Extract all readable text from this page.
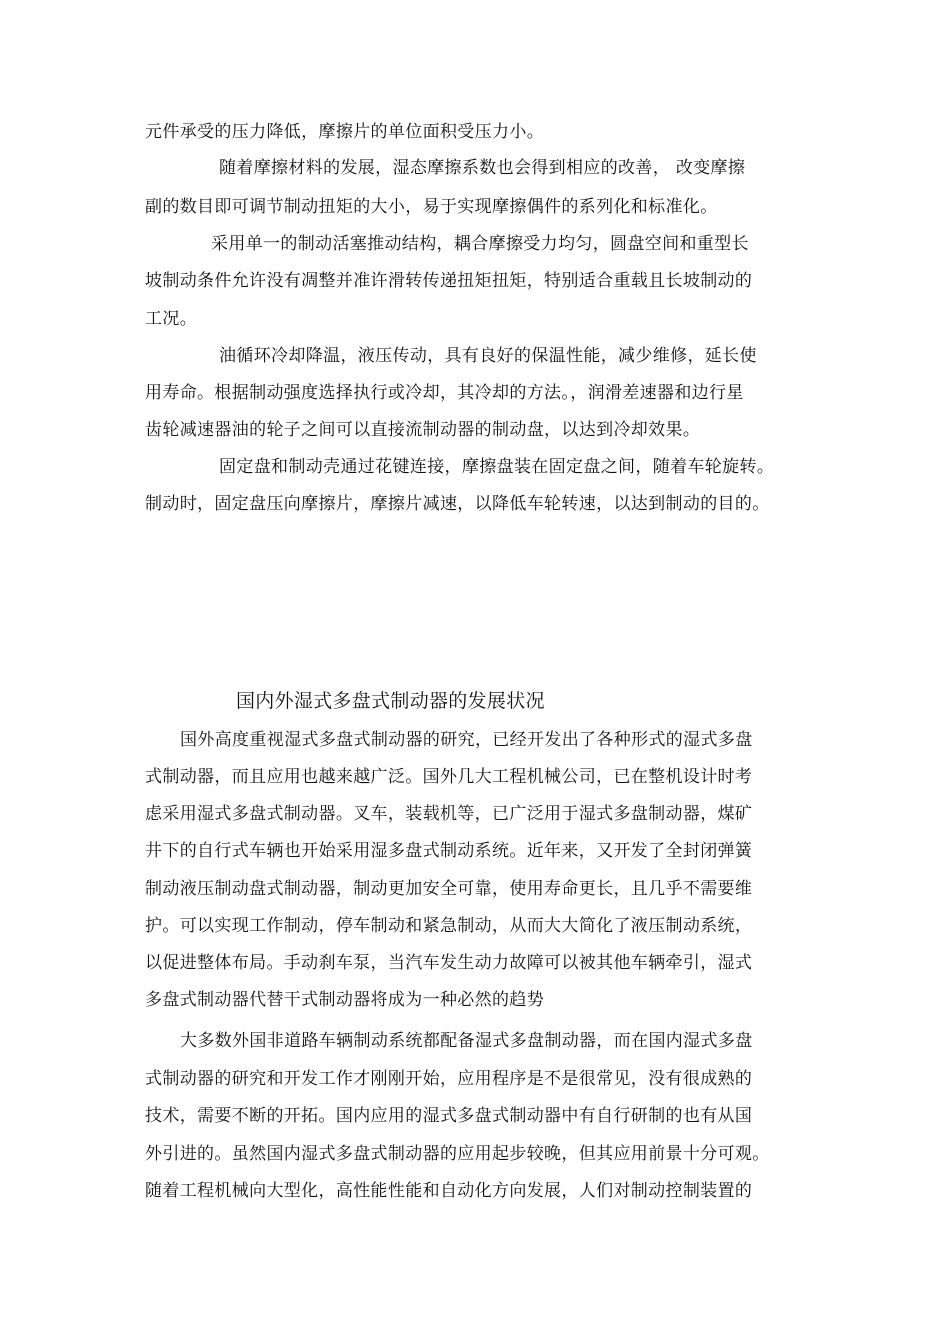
元件承受的压力降低，摩擦片的单位面积受压力小。
随着摩擦材料的发展，湿态摩擦系数也会得到相应的改善， 改变摩擦
副的数目即可调节制动扭矩的大小，易于实现摩擦偶件的系列化和标准化。
采用单一的制动活塞推动结构，耦合摩擦受力均匀，圆盘空间和重型长
坡制动条件允许没有凋整并准许滑转传递扭矩扭矩，特别适合重载且长坡制动的
工况。
油循环冷却降温，液压传动，具有良好的保温性能，减少维修，延长使
用寿命。根据制动强度选择执行或冷却，其冷却的方法。，润滑差速器和边行星
齿轮减速器油的轮子之间可以直接流制动器的制动盘，以达到冷却效果。
固定盘和制动壳通过花键连接，摩擦盘装在固定盘之间，随着车轮旋转。
制动时，固定盘压向摩擦片，摩擦片减速，以降低车轮转速，以达到制动的目的。
国内外湿式多盘式制动器的发展状况
国外高度重视湿式多盘式制动器的研究，已经开发出了各种形式的湿式多盘
式制动器，而且应用也越来越广泛。国外几大工程机械公司，已在整机设计时考
虑采用湿式多盘式制动器。叉车，装载机等，已广泛用于湿式多盘制动器，煤矿
井下的自行式车辆也开始采用湿多盘式制动系统。近年来，又开发了全封闭弹簧
制动液压制动盘式制动器，制动更加安全可靠，使用寿命更长，且几乎不需要维
护。可以实现工作制动，停车制动和紧急制动，从而大大简化了液压制动系统，
以促进整体布局。手动刹车泵，当汽车发生动力故障可以被其他车辆牵引，湿式
多盘式制动器代替干式制动器将成为一种必然的趋势
大多数外国非道路车辆制动系统都配备湿式多盘制动器，而在国内湿式多盘
式制动器的研究和开发工作才刚刚开始，应用程序是不是很常见，没有很成熟的
技术，需要不断的开拓。国内应用的湿式多盘式制动器中有自行研制的也有从国
外引进的。虽然国内湿式多盘式制动器的应用起步较晚，但其应用前景十分可观。
随着工程机械向大型化，高性能性能和自动化方向发展，人们对制动控制装置的
